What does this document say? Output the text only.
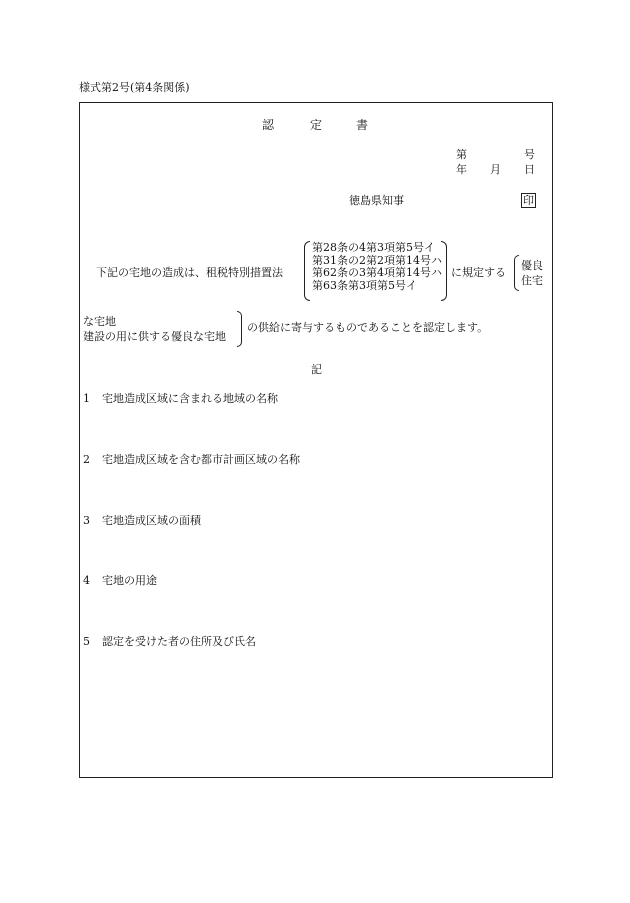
様式第2号(第4条関係)
認	定	書
第	号
年 月 日
徳島県知事	印
下記の宅地の造成は、租税特別措置法
第28条の4第3項第5号イ
第31条の2第2項第14号ハ
第62条の3第4項第14号ハ
第63条第3項第5号イ
に規定する
優良
住宅
な宅地
建設の用に供する優良な宅地
の供給に寄与するものであることを認定します。
記
1 宅地造成区域に含まれる地域の名称
2 宅地造成区域を含む都市計画区域の名称
3 宅地造成区域の面積
4 宅地の用途
5 認定を受けた者の住所及び氏名
